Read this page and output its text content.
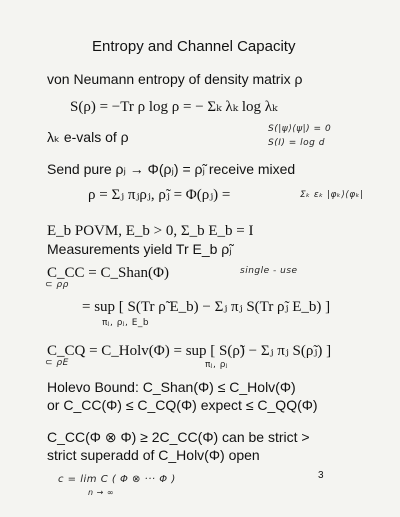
Entropy and Channel Capacity
von Neumann entropy of density matrix ρ
S(ρ) = −Tr ρ log ρ = − Σₖ λₖ log λₖ
S(|ψ⟩⟨ψ|) = 0
λₖ e-vals of ρ	S(I) = log d
Send pure ρⱼ → Φ(ρⱼ) = ρ̃ⱼ receive mixed
ρ = Σⱼ πⱼρⱼ, ρ̃ⱼ = Φ(ρⱼ) =	Σₖ εₖ |φₖ⟩⟨φₖ|
E_b POVM, E_b > 0, Σ_b E_b = I
Measurements yield Tr E_b ρ̃ⱼ
C_CC = C_Shan(Φ)	single - use
⊂ ρρ
= sup [ S(Tr ρ̃ E_b) − Σⱼ πⱼ S(Tr ρ̃ⱼ E_b) ]
πⱼ, ρⱼ, E_b
C_CQ = C_Holv(Φ) = sup [ S(ρ̃) − Σⱼ πⱼ S(ρ̃ⱼ) ]
πⱼ, ρⱼ
⊂ ρE
Holevo Bound: C_Shan(Φ) ≤ C_Holv(Φ)
or C_CC(Φ) ≤ C_CQ(Φ) expect ≤ C_QQ(Φ)
C_CC(Φ ⊗ Φ) ≥ 2C_CC(Φ) can be strict >
strict superadd of C_Holv(Φ) open
3
c = lim C ( Φ ⊗ ··· Φ )
n → ∞
